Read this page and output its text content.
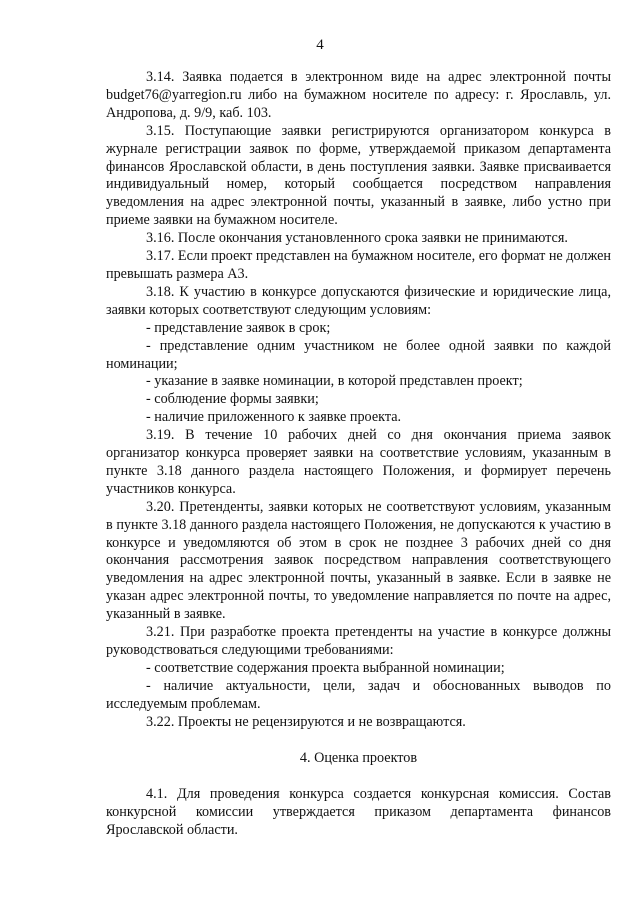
4

3.14. Заявка подается в электронном виде на адрес электронной почты budget76@yarregion.ru либо на бумажном носителе по адресу: г. Ярославль, ул. Андропова, д. 9/9, каб. 103.

3.15. Поступающие заявки регистрируются организатором конкурса в журнале регистрации заявок по форме, утверждаемой приказом департамента финансов Ярославской области, в день поступления заявки. Заявке присваивается индивидуальный номер, который сообщается посредством направления уведомления на адрес электронной почты, указанный в заявке, либо устно при приеме заявки на бумажном носителе.

3.16. После окончания установленного срока заявки не принимаются.

3.17. Если проект представлен на бумажном носителе, его формат не должен превышать размера А3.

3.18. К участию в конкурсе допускаются физические и юридические лица, заявки которых соответствуют следующим условиям:

- представление заявок в срок;

- представление одним участником не более одной заявки по каждой номинации;

- указание в заявке номинации, в которой представлен проект;

- соблюдение формы заявки;

- наличие приложенного к заявке проекта.

3.19. В течение 10 рабочих дней со дня окончания приема заявок организатор конкурса проверяет заявки на соответствие условиям, указанным в пункте 3.18 данного раздела настоящего Положения, и формирует перечень участников конкурса.

3.20. Претенденты, заявки которых не соответствуют условиям, указанным в пункте 3.18 данного раздела настоящего Положения, не допускаются к участию в конкурсе и уведомляются об этом в срок не позднее 3 рабочих дней со дня окончания рассмотрения заявок посредством направления соответствующего уведомления на адрес электронной почты, указанный в заявке. Если в заявке не указан адрес электронной почты, то уведомление направляется по почте на адрес, указанный в заявке.

3.21. При разработке проекта претенденты на участие в конкурсе должны руководствоваться следующими требованиями:

- соответствие содержания проекта выбранной номинации;

- наличие актуальности, цели, задач и обоснованных выводов по исследуемым проблемам.

3.22. Проекты не рецензируются и не возвращаются.

4. Оценка проектов

4.1. Для проведения конкурса создается конкурсная комиссия. Состав конкурсной комиссии утверждается приказом департамента финансов Ярославской области.
